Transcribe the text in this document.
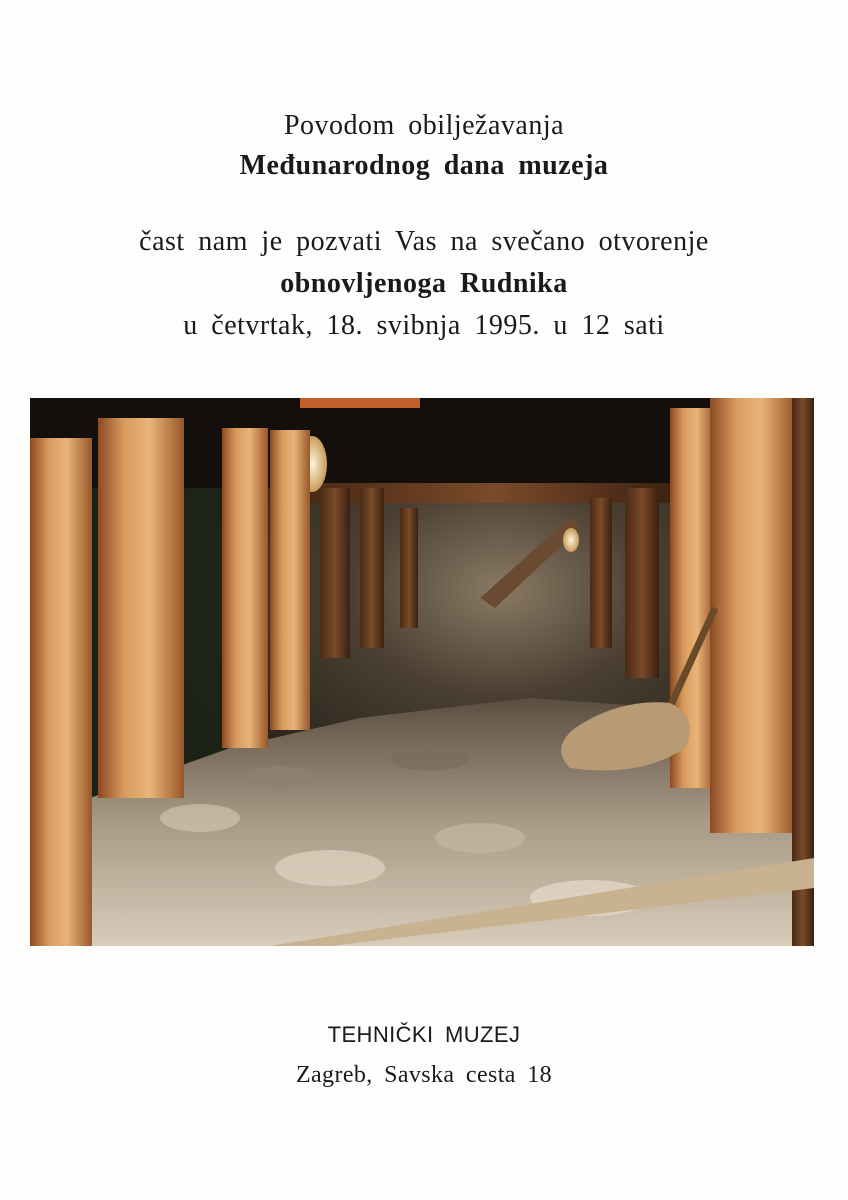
Povodom obilježavanja
Međunarodnog dana muzeja
čast nam je pozvati Vas na svečano otvorenje
obnovljenoga Rudnika
u četvrtak, 18. svibnja 1995. u 12 sati
TEHNIČKI MUZEJ
Zagreb, Savska cesta 18
